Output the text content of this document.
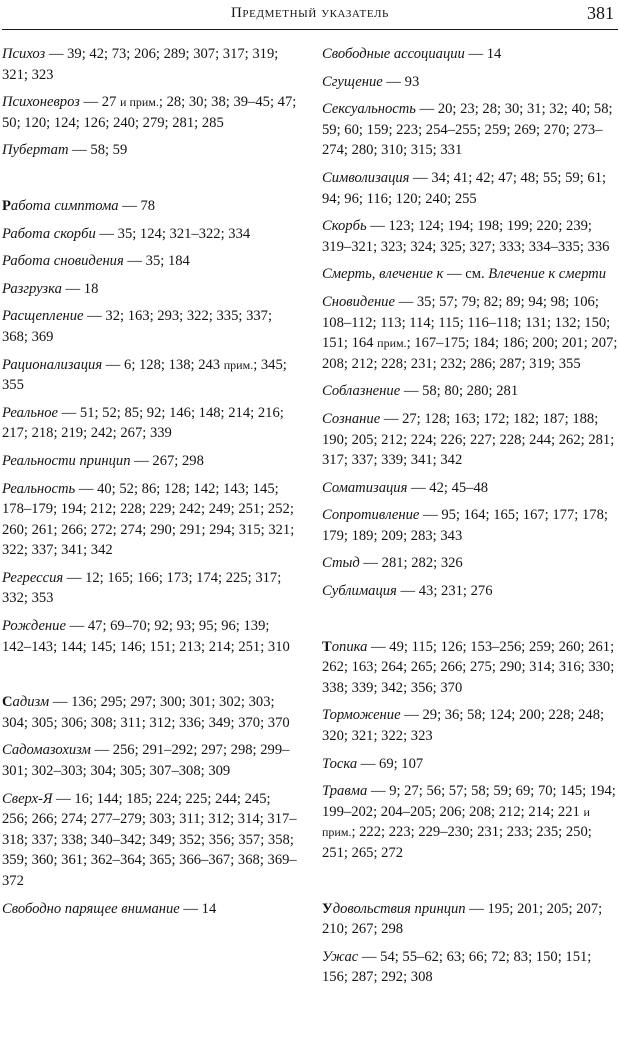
Предметный указатель	381

Психоз — 39; 42; 73; 206; 289; 307; 317; 319; 321; 323

Психоневроз — 27 и прим.; 28; 30; 38; 39–45; 47; 50; 120; 124; 126; 240; 279; 281; 285

Пубертат — 58; 59

Работа симптома — 78

Работа скорби — 35; 124; 321–322; 334

Работа сновидения — 35; 184

Разгрузка — 18

Расщепление — 32; 163; 293; 322; 335; 337; 368; 369

Рационализация — 6; 128; 138; 243 прим.; 345; 355

Реальное — 51; 52; 85; 92; 146; 148; 214; 216; 217; 218; 219; 242; 267; 339

Реальности принцип — 267; 298

Реальность — 40; 52; 86; 128; 142; 143; 145; 178–179; 194; 212; 228; 229; 242; 249; 251; 252; 260; 261; 266; 272; 274; 290; 291; 294; 315; 321; 322; 337; 341; 342

Регрессия — 12; 165; 166; 173; 174; 225; 317; 332; 353

Рождение — 47; 69–70; 92; 93; 95; 96; 139; 142–143; 144; 145; 146; 151; 213; 214; 251; 310

Садизм — 136; 295; 297; 300; 301; 302; 303; 304; 305; 306; 308; 311; 312; 336; 349; 370; 370

Садомазохизм — 256; 291–292; 297; 298; 299–301; 302–303; 304; 305; 307–308; 309

Сверх-Я — 16; 144; 185; 224; 225; 244; 245; 256; 266; 274; 277–279; 303; 311; 312; 314; 317–318; 337; 338; 340–342; 349; 352; 356; 357; 358; 359; 360; 361; 362–364; 365; 366–367; 368; 369–372

Свободно парящее внимание — 14

Свободные ассоциации — 14

Сгущение — 93

Сексуальность — 20; 23; 28; 30; 31; 32; 40; 58; 59; 60; 159; 223; 254–255; 259; 269; 270; 273–274; 280; 310; 315; 331

Символизация — 34; 41; 42; 47; 48; 55; 59; 61; 94; 96; 116; 120; 240; 255

Скорбь — 123; 124; 194; 198; 199; 220; 239; 319–321; 323; 324; 325; 327; 333; 334–335; 336

Смерть, влечение к — см. Влечение к смерти

Сновидение — 35; 57; 79; 82; 89; 94; 98; 106; 108–112; 113; 114; 115; 116–118; 131; 132; 150; 151; 164 прим.; 167–175; 184; 186; 200; 201; 207; 208; 212; 228; 231; 232; 286; 287; 319; 355

Соблазнение — 58; 80; 280; 281

Сознание — 27; 128; 163; 172; 182; 187; 188; 190; 205; 212; 224; 226; 227; 228; 244; 262; 281; 317; 337; 339; 341; 342

Соматизация — 42; 45–48

Сопротивление — 95; 164; 165; 167; 177; 178; 179; 189; 209; 283; 343

Стыд — 281; 282; 326

Сублимация — 43; 231; 276

Топика — 49; 115; 126; 153–256; 259; 260; 261; 262; 163; 264; 265; 266; 275; 290; 314; 316; 330; 338; 339; 342; 356; 370

Торможение — 29; 36; 58; 124; 200; 228; 248; 320; 321; 322; 323

Тоска — 69; 107

Травма — 9; 27; 56; 57; 58; 59; 69; 70; 145; 194; 199–202; 204–205; 206; 208; 212; 214; 221 и прим.; 222; 223; 229–230; 231; 233; 235; 250; 251; 265; 272

Удовольствия принцип — 195; 201; 205; 207; 210; 267; 298

Ужас — 54; 55–62; 63; 66; 72; 83; 150; 151; 156; 287; 292; 308
